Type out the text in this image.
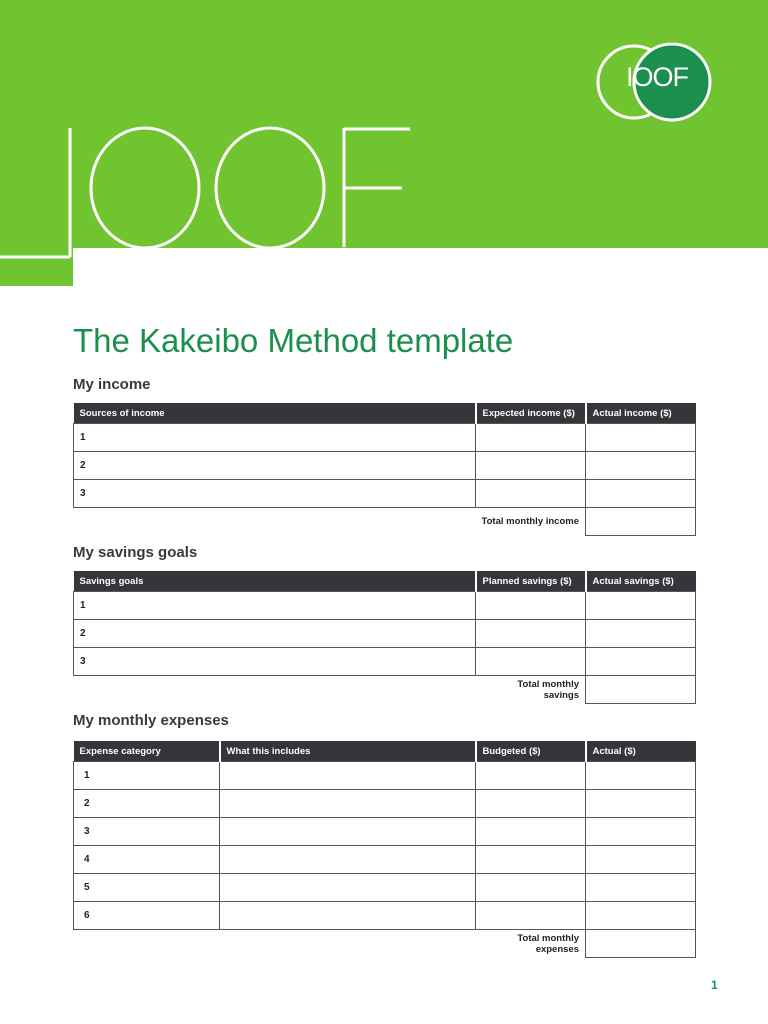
IOOF
The Kakeibo Method template
My income
Sources of income	Expected income ($)	Actual income ($)
1		
2		
3		
	Total monthly income	
My savings goals
Savings goals	Planned savings ($)	Actual savings ($)
1		
2		
3		
	Total monthly savings	
My monthly expenses
Expense category	What this includes	Budgeted ($)	Actual ($)
1			
2			
3			
4			
5			
6			
		Total monthly expenses	
1
